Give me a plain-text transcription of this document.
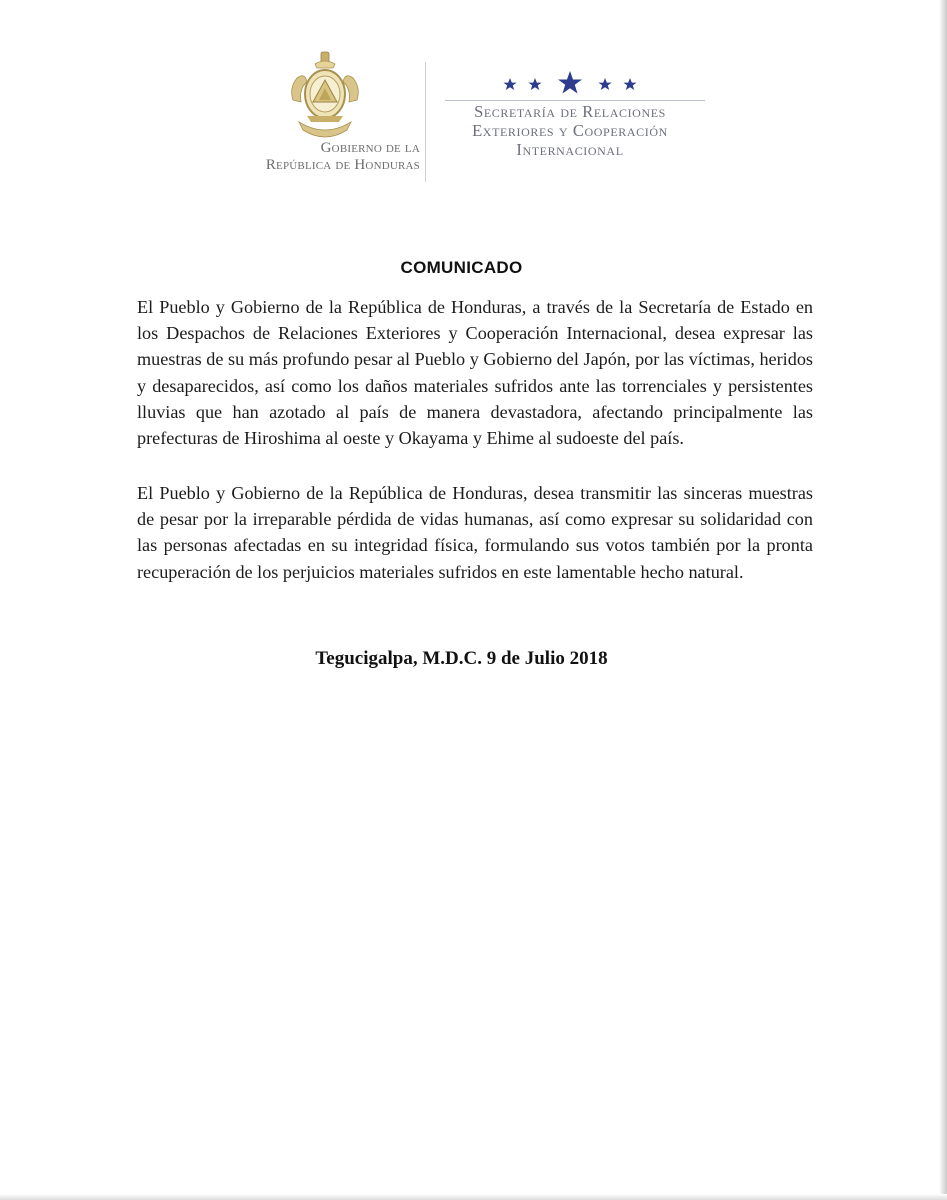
Gobierno de la
República de Honduras
Secretaría de Relaciones
Exteriores y Cooperación
Internacional
COMUNICADO
El Pueblo y Gobierno de la República de Honduras, a través de la Secretaría de Estado en los Despachos de Relaciones Exteriores y Cooperación Internacional, desea expresar las muestras de su más profundo pesar al Pueblo y Gobierno del Japón, por las víctimas, heridos y desaparecidos, así como los daños materiales sufridos ante las torrenciales y persistentes lluvias que han azotado al país de manera devastadora, afectando principalmente las prefecturas de Hiroshima al oeste y Okayama y Ehime al sudoeste del país.
El Pueblo y Gobierno de la República de Honduras, desea transmitir las sinceras muestras de pesar por la irreparable pérdida de vidas humanas, así como expresar su solidaridad con las personas afectadas en su integridad física, formulando sus votos también por la pronta recuperación de los perjuicios materiales sufridos en este lamentable hecho natural.
Tegucigalpa, M.D.C. 9 de Julio 2018
